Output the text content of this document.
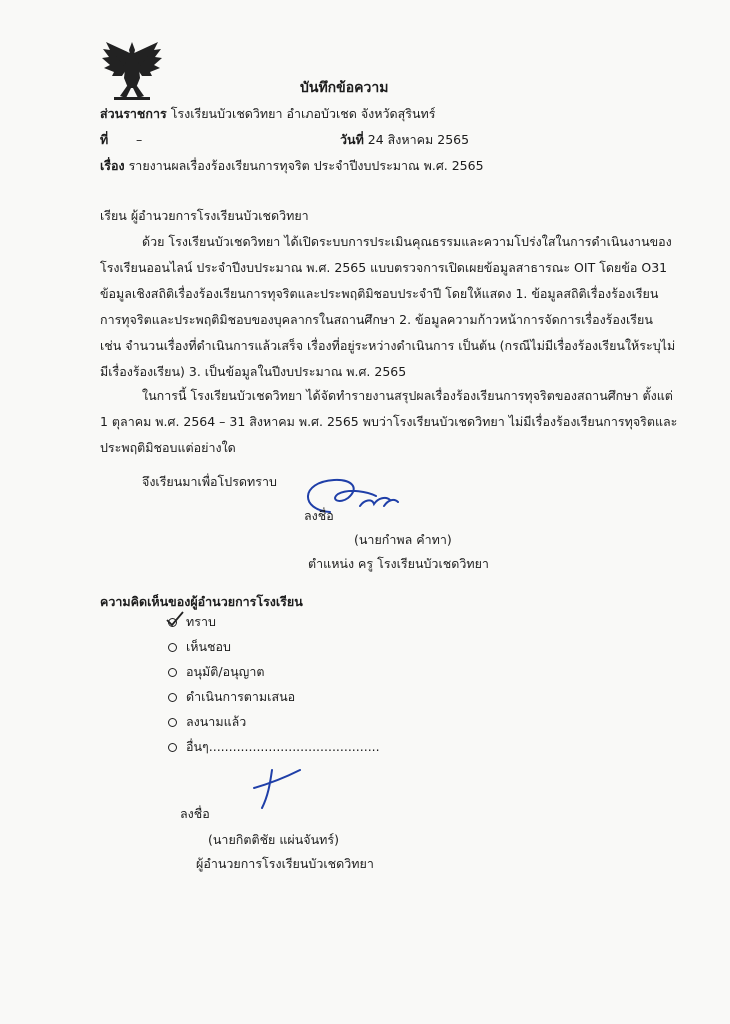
บันทึกข้อความ
ส่วนราชการ โรงเรียนบัวเชดวิทยา อำเภอบัวเชด จังหวัดสุรินทร์
ที่ –	วันที่ 24 สิงหาคม 2565
เรื่อง รายงานผลเรื่องร้องเรียนการทุจริต ประจำปีงบประมาณ พ.ศ. 2565
เรียน ผู้อำนวยการโรงเรียนบัวเชดวิทยา
ด้วย โรงเรียนบัวเชดวิทยา ได้เปิดระบบการประเมินคุณธรรมและความโปร่งใสในการดำเนินงานของ
โรงเรียนออนไลน์ ประจำปีงบประมาณ พ.ศ. 2565 แบบตรวจการเปิดเผยข้อมูลสาธารณะ OIT โดยข้อ O31
ข้อมูลเชิงสถิติเรื่องร้องเรียนการทุจริตและประพฤติมิชอบประจำปี โดยให้แสดง 1. ข้อมูลสถิติเรื่องร้องเรียน
การทุจริตและประพฤติมิชอบของบุคลากรในสถานศึกษา 2. ข้อมูลความก้าวหน้าการจัดการเรื่องร้องเรียน
เช่น จำนวนเรื่องที่ดำเนินการแล้วเสร็จ เรื่องที่อยู่ระหว่างดำเนินการ เป็นต้น (กรณีไม่มีเรื่องร้องเรียนให้ระบุไม่
มีเรื่องร้องเรียน) 3. เป็นข้อมูลในปีงบประมาณ พ.ศ. 2565
ในการนี้ โรงเรียนบัวเชดวิทยา ได้จัดทำรายงานสรุปผลเรื่องร้องเรียนการทุจริตของสถานศึกษา ตั้งแต่
1 ตุลาคม พ.ศ. 2564 – 31 สิงหาคม พ.ศ. 2565 พบว่าโรงเรียนบัวเชดวิทยา ไม่มีเรื่องร้องเรียนการทุจริตและ
ประพฤติมิชอบแต่อย่างใด
จึงเรียนมาเพื่อโปรดทราบ
ลงชื่อ
(นายกำพล คำทา)
ตำแหน่ง ครู โรงเรียนบัวเชดวิทยา
ความคิดเห็นของผู้อำนวยการโรงเรียน
ทราบ
เห็นชอบ
อนุมัติ/อนุญาต
ดำเนินการตามเสนอ
ลงนามแล้ว
อื่นๆ...........................................
ลงชื่อ
(นายกิตติชัย แผ่นจันทร์)
ผู้อำนวยการโรงเรียนบัวเชดวิทยา
